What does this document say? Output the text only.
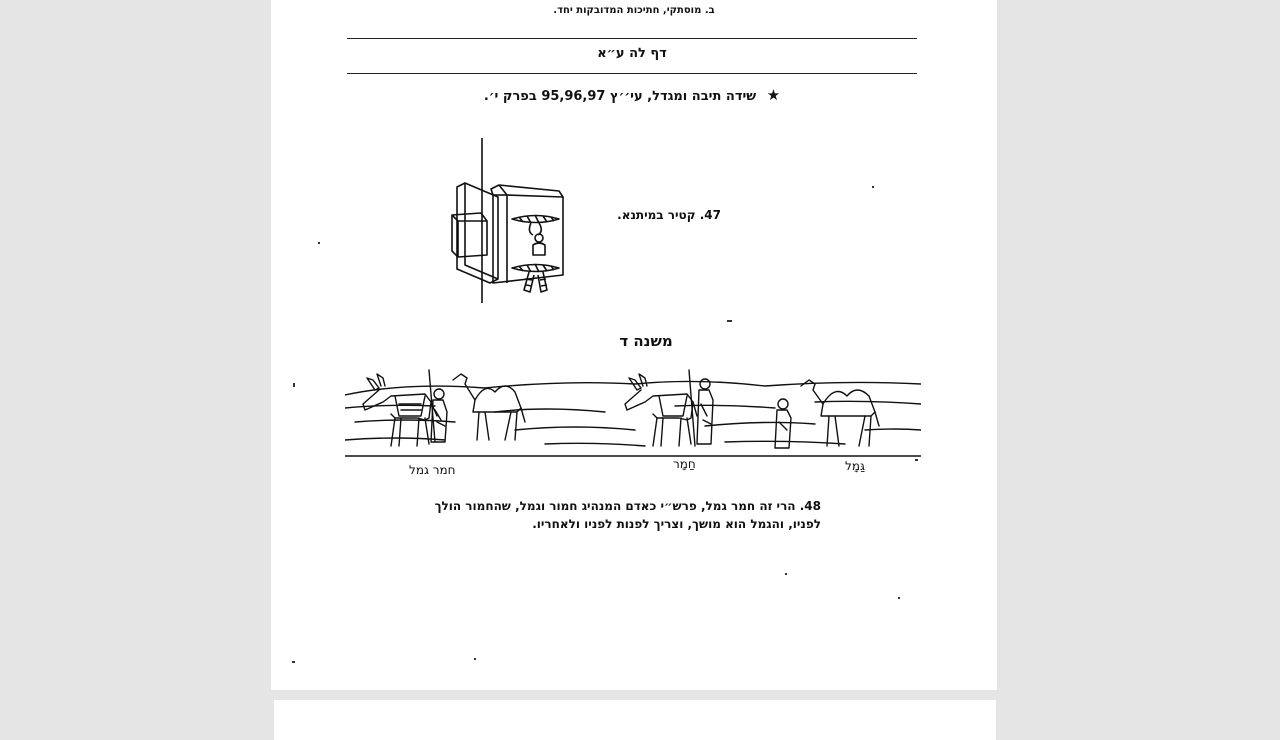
ב. מוסתקי, חתיכות המדובקות יחד.
דף לה ע״א
★ שידה תיבה ומגדל, עי׳׳ץ 95,96,97 בפרק י׳.
47. קטיר במיתנא.
משנה ד
חמר גמל	חַמָר	גַּמָל
48. הרי זה חמר גמל, פרש״י כאדם המנהיג חמור וגמל, שהחמור הולך
לפניו, והגמל הוא מושך, וצריך לפנות לפניו ולאחריו.
